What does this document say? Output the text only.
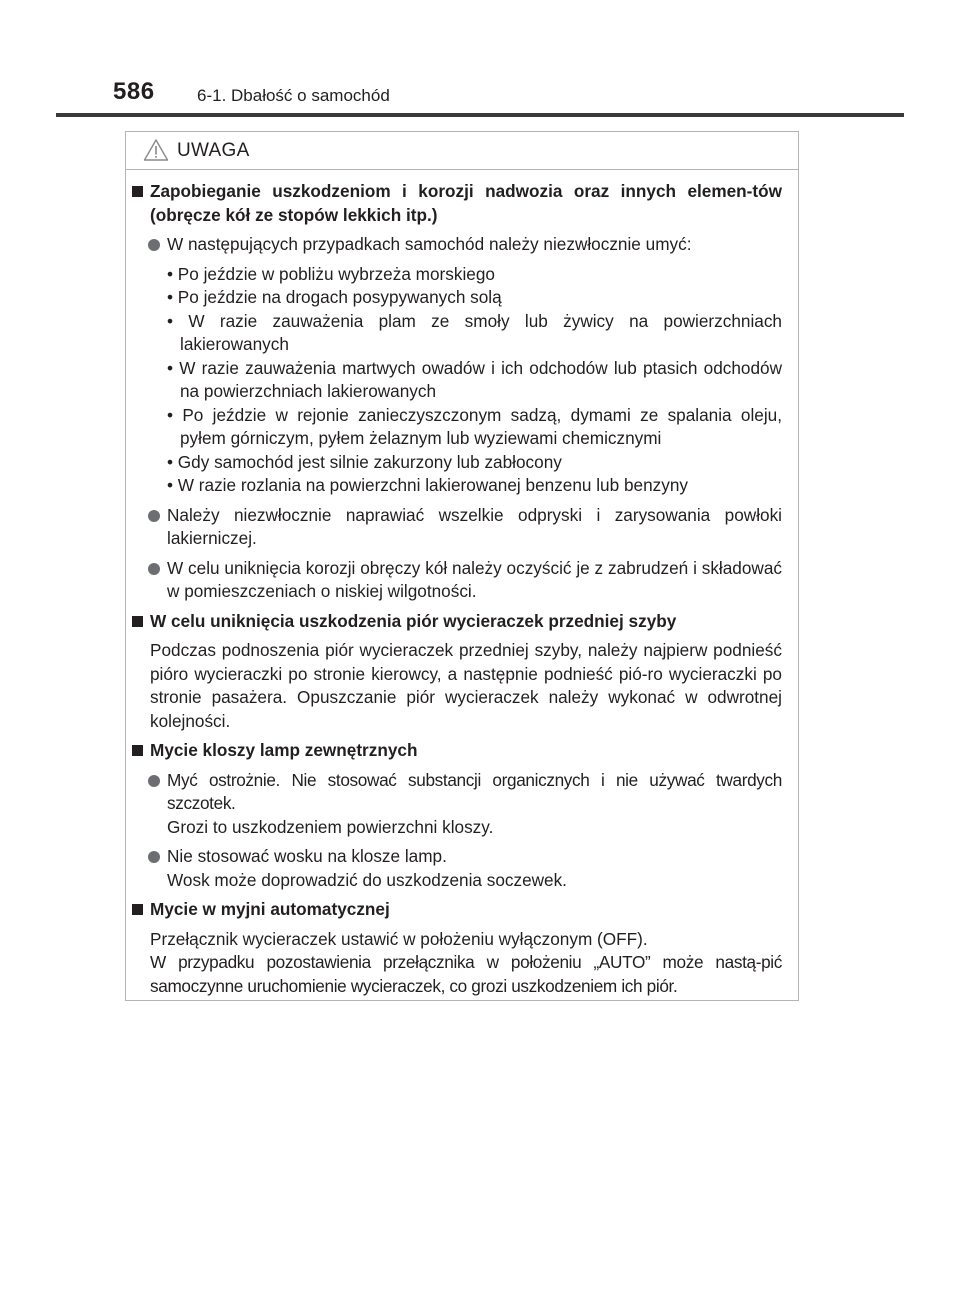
586 6-1. Dbałość o samochód
UWAGA
Zapobieganie uszkodzeniom i korozji nadwozia oraz innych elemen-tów (obręcze kół ze stopów lekkich itp.)
W następujących przypadkach samochód należy niezwłocznie umyć:
• Po jeździe w pobliżu wybrzeża morskiego
• Po jeździe na drogach posypywanych solą
• W razie zauważenia plam ze smoły lub żywicy na powierzchniach lakierowanych
• W razie zauważenia martwych owadów i ich odchodów lub ptasich odchodów na powierzchniach lakierowanych
• Po jeździe w rejonie zanieczyszczonym sadzą, dymami ze spalania oleju, pyłem górniczym, pyłem żelaznym lub wyziewami chemicznymi
• Gdy samochód jest silnie zakurzony lub zabłocony
• W razie rozlania na powierzchni lakierowanej benzenu lub benzyny
Należy niezwłocznie naprawiać wszelkie odpryski i zarysowania powłoki lakierniczej.
W celu uniknięcia korozji obręczy kół należy oczyścić je z zabrudzeń i składować w pomieszczeniach o niskiej wilgotności.
W celu uniknięcia uszkodzenia piór wycieraczek przedniej szyby
Podczas podnoszenia piór wycieraczek przedniej szyby, należy najpierw podnieść pióro wycieraczki po stronie kierowcy, a następnie podnieść pió-ro wycieraczki po stronie pasażera. Opuszczanie piór wycieraczek należy wykonać w odwrotnej kolejności.
Mycie kloszy lamp zewnętrznych
Myć ostrożnie. Nie stosować substancji organicznych i nie używać twardych szczotek.
Grozi to uszkodzeniem powierzchni kloszy.
Nie stosować wosku na klosze lamp.
Wosk może doprowadzić do uszkodzenia soczewek.
Mycie w myjni automatycznej
Przełącznik wycieraczek ustawić w położeniu wyłączonym (OFF).
W przypadku pozostawienia przełącznika w położeniu „AUTO” może nastą-pić samoczynne uruchomienie wycieraczek, co grozi uszkodzeniem ich piór.
